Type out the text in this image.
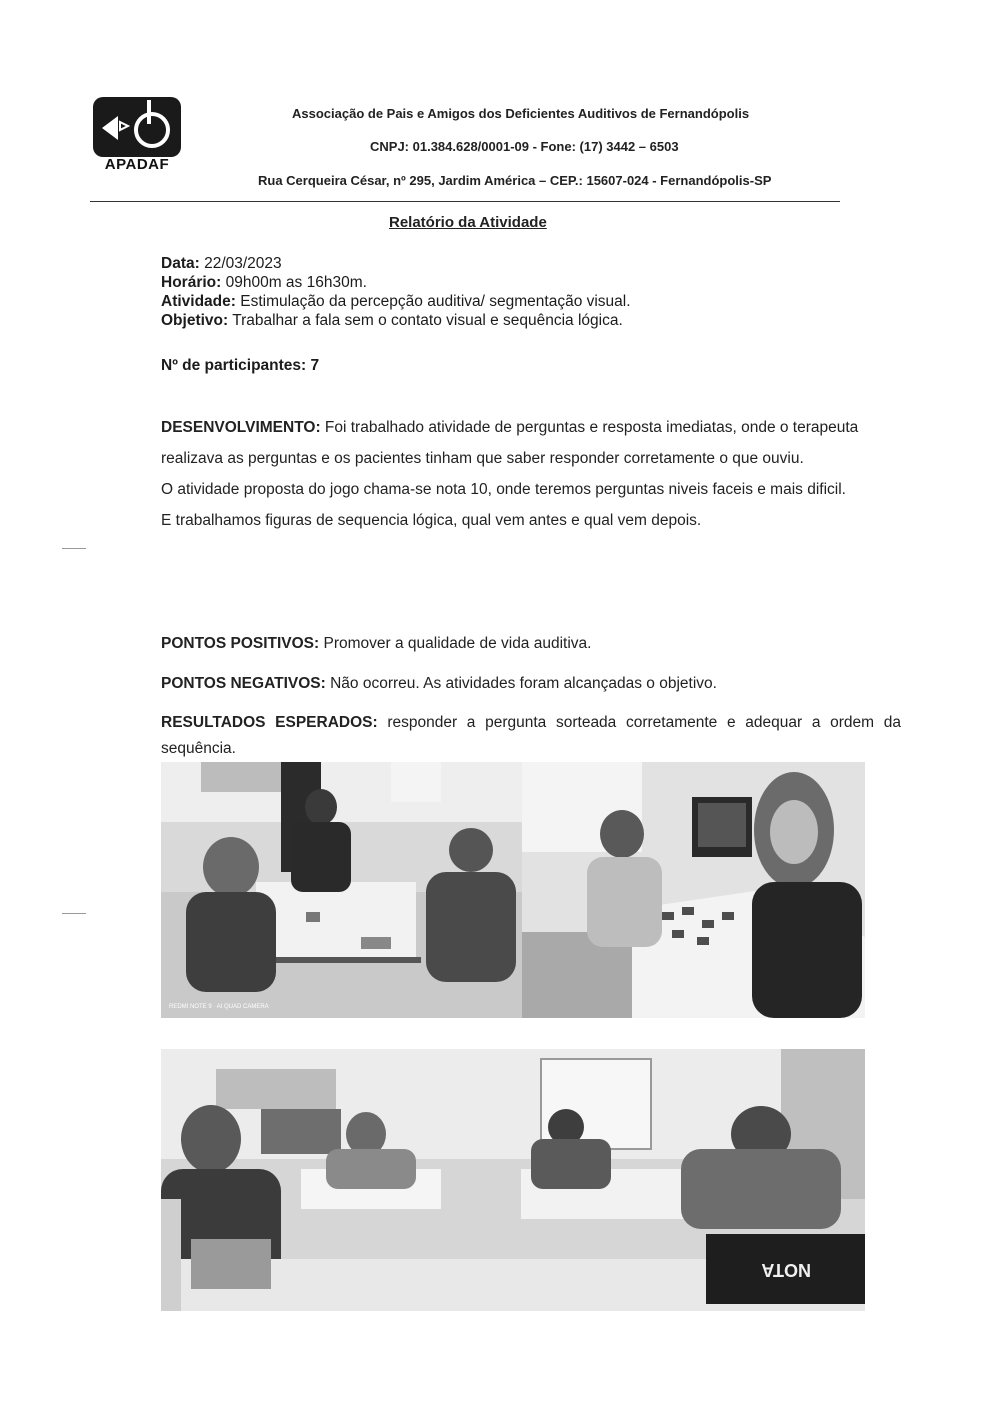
APADAF
Associação de Pais e Amigos dos Deficientes Auditivos de Fernandópolis
CNPJ: 01.384.628/0001-09 - Fone: (17) 3442 – 6503
Rua Cerqueira César, nº 295, Jardim América – CEP.: 15607-024 - Fernandópolis-SP
Relatório da Atividade
Data: 22/03/2023
Horário: 09h00m as 16h30m.
Atividade: Estimulação da percepção auditiva/ segmentação visual.
Objetivo: Trabalhar a fala sem o contato visual e sequência lógica.
Nº de participantes: 7
DESENVOLVIMENTO: Foi trabalhado atividade de perguntas e resposta imediatas, onde o terapeuta realizava as perguntas e os pacientes tinham que saber responder corretamente o que ouviu.
O atividade proposta do jogo chama-se nota 10, onde teremos perguntas niveis faceis e mais dificil.
E trabalhamos figuras de sequencia lógica, qual vem antes e qual vem depois.
PONTOS POSITIVOS: Promover a qualidade de vida auditiva.
PONTOS NEGATIVOS: Não ocorreu. As atividades foram alcançadas o objetivo.
RESULTADOS ESPERADOS: responder a pergunta sorteada corretamente e adequar a ordem da sequência.
REDMI NOTE 9 · AI QUAD CAMERA
NOTA
